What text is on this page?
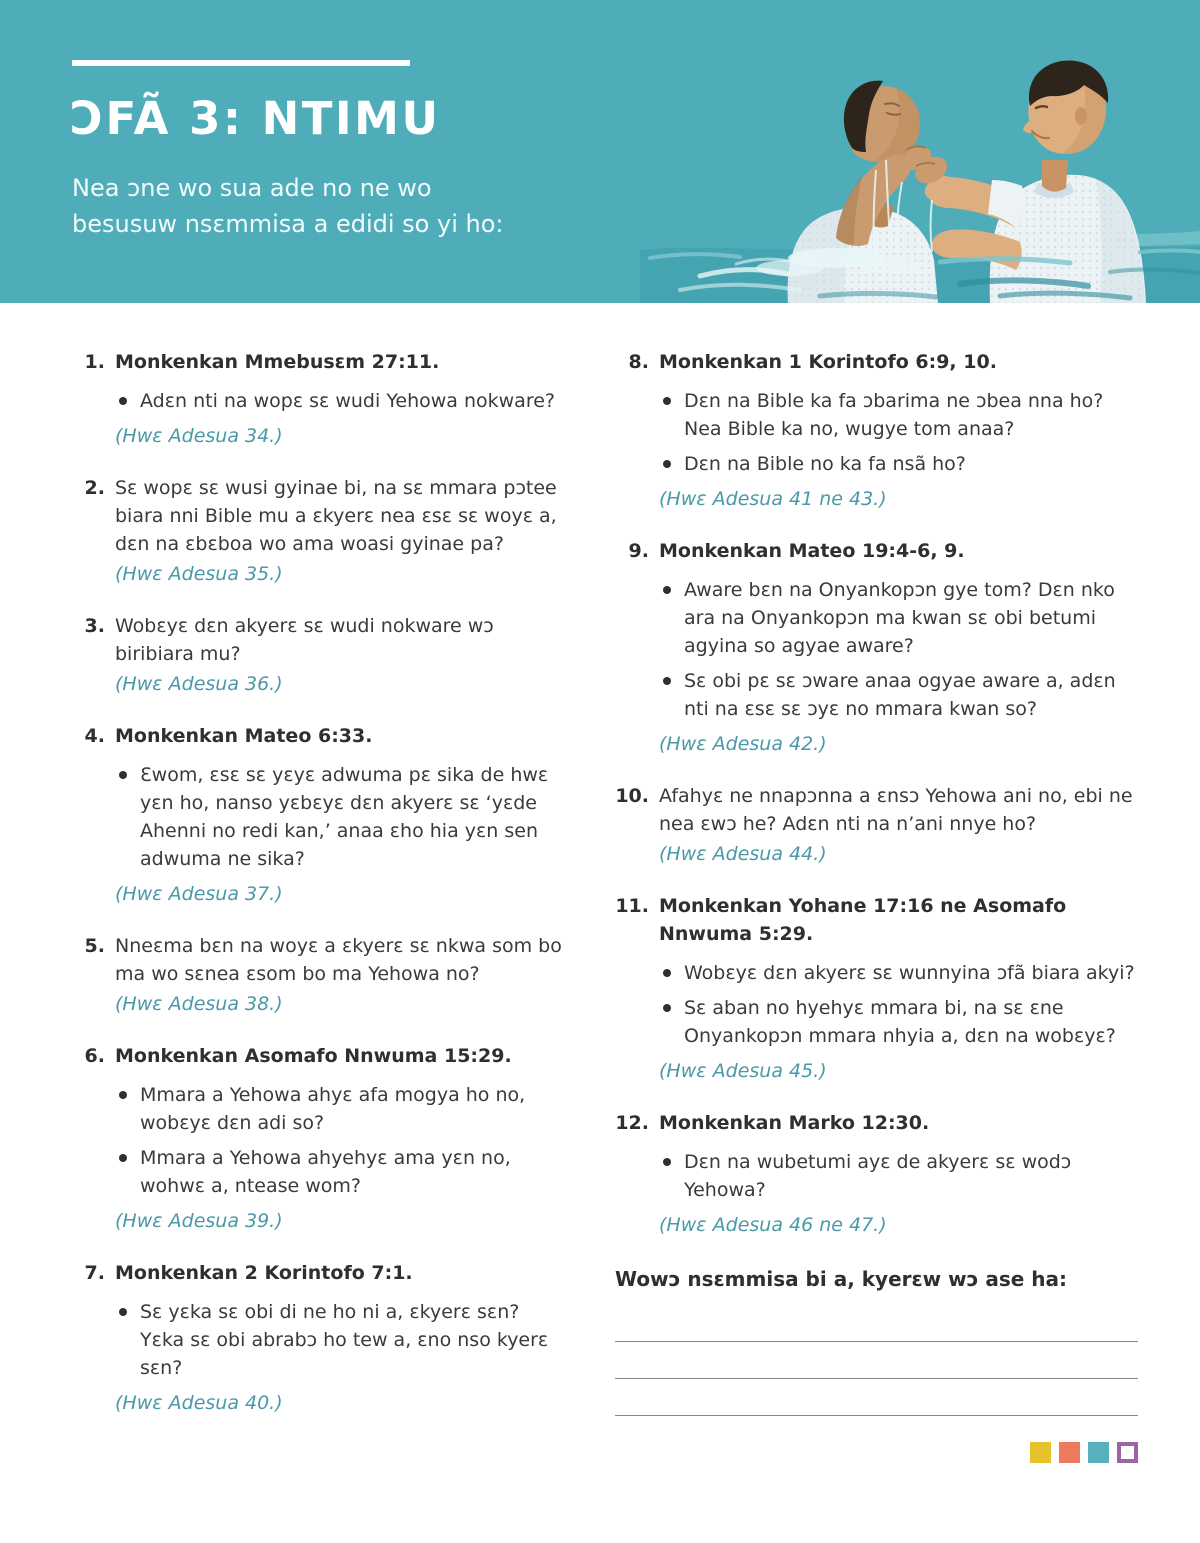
ƆFÃ 3: NTIMU

Nea ɔne wo sua ade no ne wo
besusuw nsɛmmisa a edidi so yi ho:

1. Monkenkan Mmebusɛm 27:11.
Adɛn nti na wopɛ sɛ wudi Yehowa nokware?
(Hwɛ Adesua 34.)
2. Sɛ wopɛ sɛ wusi gyinae bi, na sɛ mmara pɔtee biara nni Bible mu a ɛkyerɛ nea ɛsɛ sɛ woyɛ a, dɛn na ɛbɛboa wo ama woasi gyinae pa?
(Hwɛ Adesua 35.)
3. Wobɛyɛ dɛn akyerɛ sɛ wudi nokware wɔ biribiara mu?
(Hwɛ Adesua 36.)
4. Monkenkan Mateo 6:33.
Ɛwom, ɛsɛ sɛ yɛyɛ adwuma pɛ sika de hwɛ yɛn ho, nanso yɛbɛyɛ dɛn akyerɛ sɛ ‘yɛde Ahenni no redi kan,’ anaa ɛho hia yɛn sen adwuma ne sika?
(Hwɛ Adesua 37.)
5. Nneɛma bɛn na woyɛ a ɛkyerɛ sɛ nkwa som bo ma wo sɛnea ɛsom bo ma Yehowa no?
(Hwɛ Adesua 38.)
6. Monkenkan Asomafo Nnwuma 15:29.
Mmara a Yehowa ahyɛ afa mogya ho no, wobɛyɛ dɛn adi so?
Mmara a Yehowa ahyehyɛ ama yɛn no, wohwɛ a, ntease wom?
(Hwɛ Adesua 39.)
7. Monkenkan 2 Korintofo 7:1.
Sɛ yɛka sɛ obi di ne ho ni a, ɛkyerɛ sɛn? Yɛka sɛ obi abrabɔ ho tew a, ɛno nso kyerɛ sɛn?
(Hwɛ Adesua 40.)
8. Monkenkan 1 Korintofo 6:9, 10.
Dɛn na Bible ka fa ɔbarima ne ɔbea nna ho? Nea Bible ka no, wugye tom anaa?
Dɛn na Bible no ka fa nsã ho?
(Hwɛ Adesua 41 ne 43.)
9. Monkenkan Mateo 19:4-6, 9.
Aware bɛn na Onyankopɔn gye tom? Dɛn nko ara na Onyankopɔn ma kwan sɛ obi betumi agyina so agyae aware?
Sɛ obi pɛ sɛ ɔware anaa ogyae aware a, adɛn nti na ɛsɛ sɛ ɔyɛ no mmara kwan so?
(Hwɛ Adesua 42.)
10. Afahyɛ ne nnapɔnna a ɛnsɔ Yehowa ani no, ebi ne nea ɛwɔ he? Adɛn nti na n’ani nnye ho?
(Hwɛ Adesua 44.)
11. Monkenkan Yohane 17:16 ne Asomafo Nnwuma 5:29.
Wobɛyɛ dɛn akyerɛ sɛ wunnyina ɔfã biara akyi?
Sɛ aban no hyehyɛ mmara bi, na sɛ ɛne Onyankopɔn mmara nhyia a, dɛn na wobɛyɛ?
(Hwɛ Adesua 45.)
12. Monkenkan Marko 12:30.
Dɛn na wubetumi ayɛ de akyerɛ sɛ wodɔ Yehowa?
(Hwɛ Adesua 46 ne 47.)
Wowɔ nsɛmmisa bi a, kyerɛw wɔ ase ha:
